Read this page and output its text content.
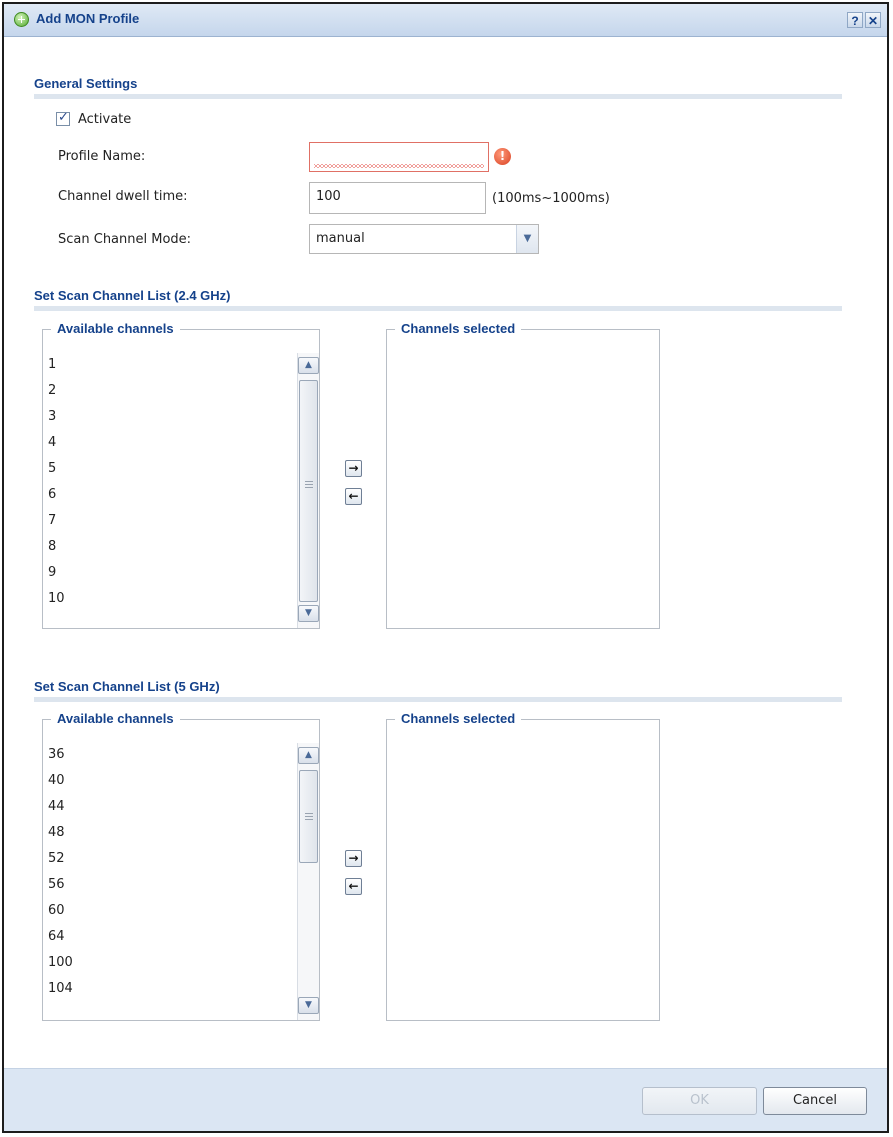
Add MON Profile	? ✕
General Settings
✓ Activate
Profile Name:	!
Channel dwell time:	100	(100ms~1000ms)
Scan Channel Mode:	manual	▼
Set Scan Channel List (2.4 GHz)
Available channels
1
2
3
4
5
6
7
8
9
10
▲
▼
→
←
Channels selected
Set Scan Channel List (5 GHz)
Available channels
36
40
44
48
52
56
60
64
100
104
▲
▼
→
←
Channels selected
OK	Cancel
